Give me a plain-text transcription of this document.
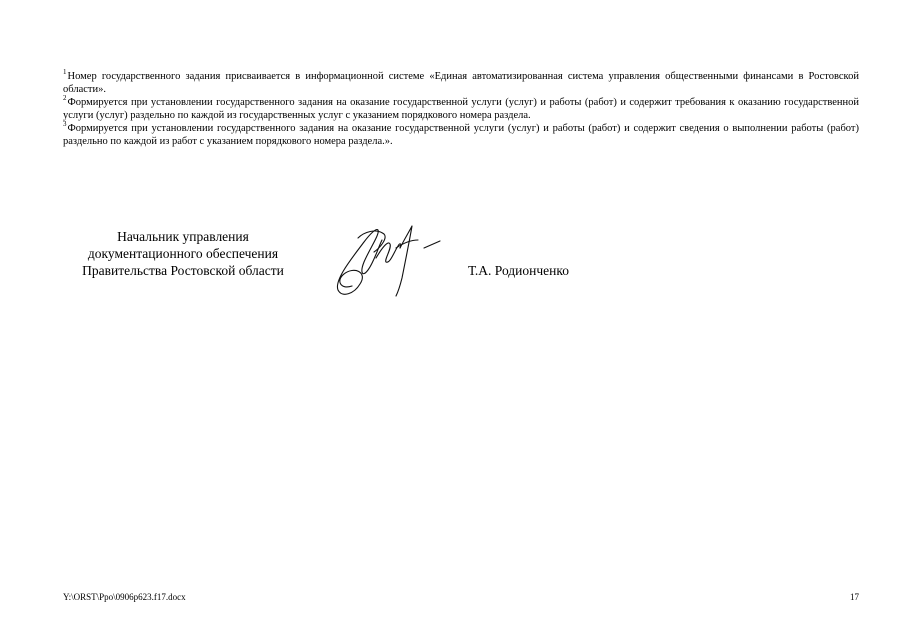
$^1$Номер государственного задания присваивается в информационной системе «Единая автоматизированная система управления общественными финансами в Ростовской области».

$^2$Формируется при установлении государственного задания на оказание государственной услуги (услуг) и работы (работ) и содержит требования к оказанию государственной услуги (услуг) раздельно по каждой из государственных услуг с указанием порядкового номера раздела.

$^3$Формируется при установлении государственного задания на оказание государственной услуги (услуг) и работы (работ) и содержит сведения о выполнении работы (работ) раздельно по каждой из работ с указанием порядкового номера раздела.».

Начальник управления
документационного обеспечения
Правительства Ростовской области	Т.А. Родионченко
Y:\ORST\Ppo\0906p623.f17.docx	17
